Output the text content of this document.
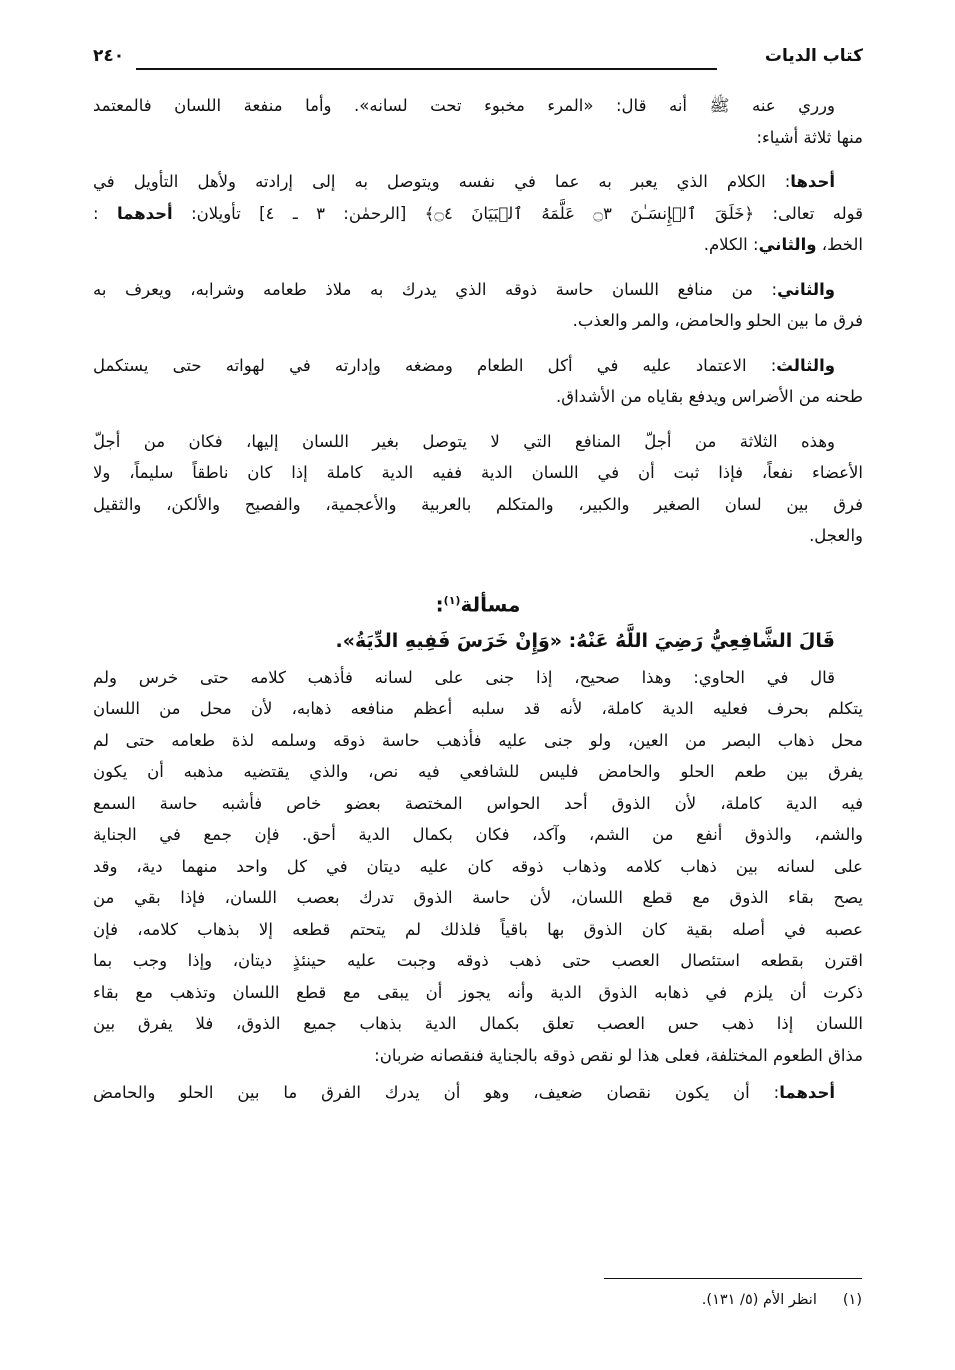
كتاب الديات
٢٤٠
ورري عنه ﷺ أنه قال: «المرء مخبوء تحت لسانه». وأما منفعة اللسان فالمعتمد
منها ثلاثة أشياء:
أحدها: الكلام الذي يعبر به عما في نفسه ويتوصل به إلى إرادته ولأهل التأويل في
قوله تعالى: ﴿خَلَقَ ٱلۡإِنسَـٰنَ ۝٣ عَلَّمَهُ ٱلۡبَيَانَ ۝٤﴾ [الرحمٰن: ٣ ـ ٤] تأويلان: أحدهما :
الخط، والثاني: الكلام.
والثاني: من منافع اللسان حاسة ذوقه الذي يدرك به ملاذ طعامه وشرابه، ويعرف به
فرق ما بين الحلو والحامض، والمر والعذب.
والثالث: الاعتماد عليه في أكل الطعام ومضغه وإدارته في لهواته حتى يستكمل
طحنه من الأضراس ويدفع بقاياه من الأشداق.
وهذه الثلاثة من أجلّ المنافع التي لا يتوصل بغير اللسان إليها، فكان من أجلّ
الأعضاء نفعاً، فإذا ثبت أن في اللسان الدية ففيه الدية كاملة إذا كان ناطقاً سليماً، ولا
فرق بين لسان الصغير والكبير، والمتكلم بالعربية والأعجمية، والفصيح والألكن، والثقيل
والعجل.
مسألة$^{(١)}$:
قَالَ الشَّافِعِيُّ رَضِيَ اللَّهُ عَنْهُ: «وَإِنْ خَرَسَ فَفِيهِ الدِّيَةُ».
قال في الحاوي: وهذا صحيح، إذا جنى على لسانه فأذهب كلامه حتى خرس ولم
يتكلم بحرف فعليه الدية كاملة، لأنه قد سلبه أعظم منافعه ذهابه، لأن محل من اللسان
محل ذهاب البصر من العين، ولو جنى عليه فأذهب حاسة ذوقه وسلمه لذة طعامه حتى لم
يفرق بين طعم الحلو والحامض فليس للشافعي فيه نص، والذي يقتضيه مذهبه أن يكون
فيه الدية كاملة، لأن الذوق أحد الحواس المختصة بعضو خاص فأشبه حاسة السمع
والشم، والذوق أنفع من الشم، وآكد، فكان بكمال الدية أحق. فإن جمع في الجناية
على لسانه بين ذهاب كلامه وذهاب ذوقه كان عليه ديتان في كل واحد منهما دية، وقد
يصح بقاء الذوق مع قطع اللسان، لأن حاسة الذوق تدرك بعصب اللسان، فإذا بقي من
عصبه في أصله بقية كان الذوق بها باقياً فلذلك لم يتحتم قطعه إلا بذهاب كلامه، فإن
اقترن بقطعه استئصال العصب حتى ذهب ذوقه وجبت عليه حينئذٍ ديتان، وإذا وجب بما
ذكرت أن يلزم في ذهابه الذوق الدية وأنه يجوز أن يبقى مع قطع اللسان وتذهب مع بقاء
اللسان إذا ذهب حس العصب تعلق بكمال الدية بذهاب جميع الذوق، فلا يفرق بين
مذاق الطعوم المختلفة، فعلى هذا لو نقص ذوقه بالجناية فنقصانه ضربان:
أحدهما: أن يكون نقصان ضعيف، وهو أن يدرك الفرق ما بين الحلو والحامض
(١)انظر الأم (٥/ ١٣١).
